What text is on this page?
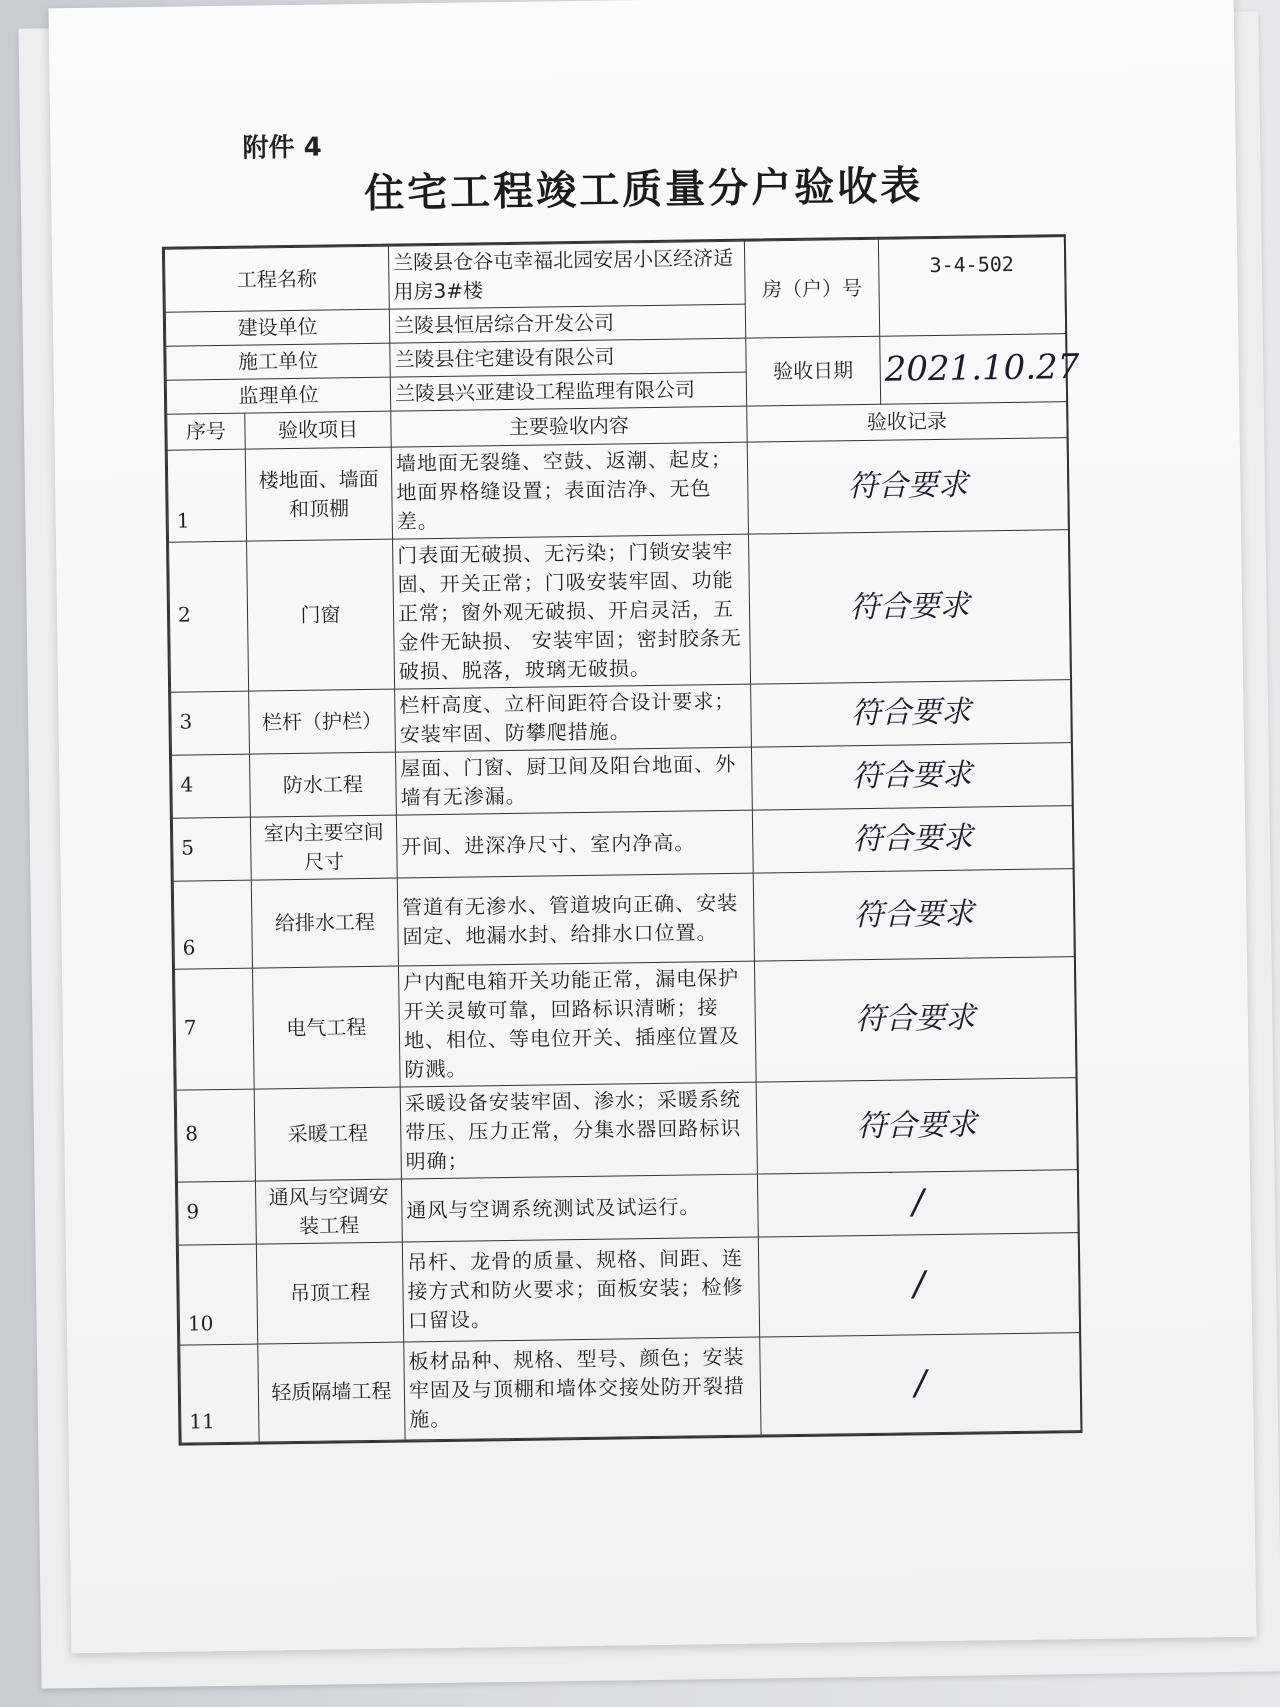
附件 4
住宅工程竣工质量分户验收表
工程名称		兰陵县仓谷屯幸福北园安居小区经济适用房3#楼	房（户）号	3-4-502
建设单位		兰陵县恒居综合开发公司		
施工单位		兰陵县住宅建设有限公司	验收日期	2021.10.27
监理单位		兰陵县兴亚建设工程监理有限公司		
序号	验收项目	主要验收内容	验收记录	
1	楼地面、墙面和顶棚	墙地面无裂缝、空鼓、返潮、起皮；地面界格缝设置；表面洁净、无色差。	符合要求	
2	门窗	门表面无破损、无污染；门锁安装牢固、开关正常；门吸安装牢固、功能正常；窗外观无破损、开启灵活，五金件无缺损、 安装牢固；密封胶条无破损、脱落，玻璃无破损。	符合要求	
3	栏杆（护栏）	栏杆高度、立杆间距符合设计要求；安装牢固、防攀爬措施。	符合要求	
4	防水工程	屋面、门窗、厨卫间及阳台地面、外墙有无渗漏。	符合要求	
5	室内主要空间尺寸	开间、进深净尺寸、室内净高。	符合要求	
6	给排水工程	管道有无渗水、管道坡向正确、安装固定、地漏水封、给排水口位置。	符合要求	
7	电气工程	户内配电箱开关功能正常，漏电保护开关灵敏可靠，回路标识清晰；接地、相位、等电位开关、插座位置及防溅。	符合要求	
8	采暖工程	采暖设备安装牢固、渗水；采暖系统带压、压力正常，分集水器回路标识明确；	符合要求	
9	通风与空调安装工程	通风与空调系统测试及试运行。	/	
10	吊顶工程	吊杆、龙骨的质量、规格、间距、连接方式和防火要求；面板安装；检修口留设。	/	
11	轻质隔墙工程	板材品种、规格、型号、颜色；安装牢固及与顶棚和墙体交接处防开裂措施。	/	
